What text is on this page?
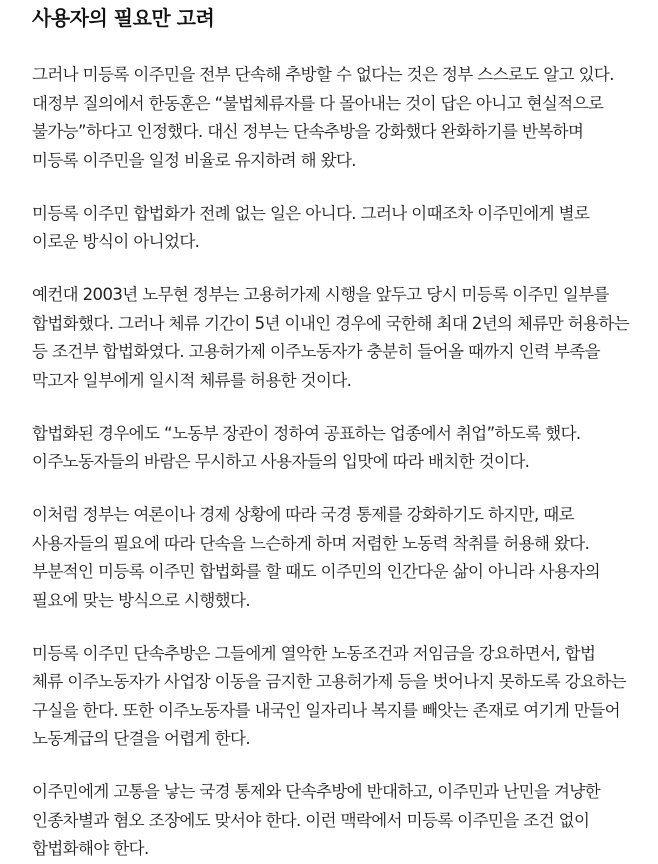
사용자의 필요만 고려

그러나 미등록 이주민을 전부 단속해 추방할 수 없다는 것은 정부 스스로도 알고 있다.
대정부 질의에서 한동훈은 “불법체류자를 다 몰아내는 것이 답은 아니고 현실적으로
불가능”하다고 인정했다. 대신 정부는 단속추방을 강화했다 완화하기를 반복하며
미등록 이주민을 일정 비율로 유지하려 해 왔다.

미등록 이주민 합법화가 전례 없는 일은 아니다. 그러나 이때조차 이주민에게 별로
이로운 방식이 아니었다.

예컨대 2003년 노무현 정부는 고용허가제 시행을 앞두고 당시 미등록 이주민 일부를
합법화했다. 그러나 체류 기간이 5년 이내인 경우에 국한해 최대 2년의 체류만 허용하는
등 조건부 합법화였다. 고용허가제 이주노동자가 충분히 들어올 때까지 인력 부족을
막고자 일부에게 일시적 체류를 허용한 것이다.

합법화된 경우에도 “노동부 장관이 정하여 공표하는 업종에서 취업”하도록 했다.
이주노동자들의 바람은 무시하고 사용자들의 입맛에 따라 배치한 것이다.

이처럼 정부는 여론이나 경제 상황에 따라 국경 통제를 강화하기도 하지만, 때로
사용자들의 필요에 따라 단속을 느슨하게 하며 저렴한 노동력 착취를 허용해 왔다.
부분적인 미등록 이주민 합법화를 할 때도 이주민의 인간다운 삶이 아니라 사용자의
필요에 맞는 방식으로 시행했다.

미등록 이주민 단속추방은 그들에게 열악한 노동조건과 저임금을 강요하면서, 합법
체류 이주노동자가 사업장 이동을 금지한 고용허가제 등을 벗어나지 못하도록 강요하는
구실을 한다. 또한 이주노동자를 내국인 일자리나 복지를 빼앗는 존재로 여기게 만들어
노동계급의 단결을 어렵게 한다.

이주민에게 고통을 낳는 국경 통제와 단속추방에 반대하고, 이주민과 난민을 겨냥한
인종차별과 혐오 조장에도 맞서야 한다. 이런 맥락에서 미등록 이주민을 조건 없이
합법화해야 한다.
